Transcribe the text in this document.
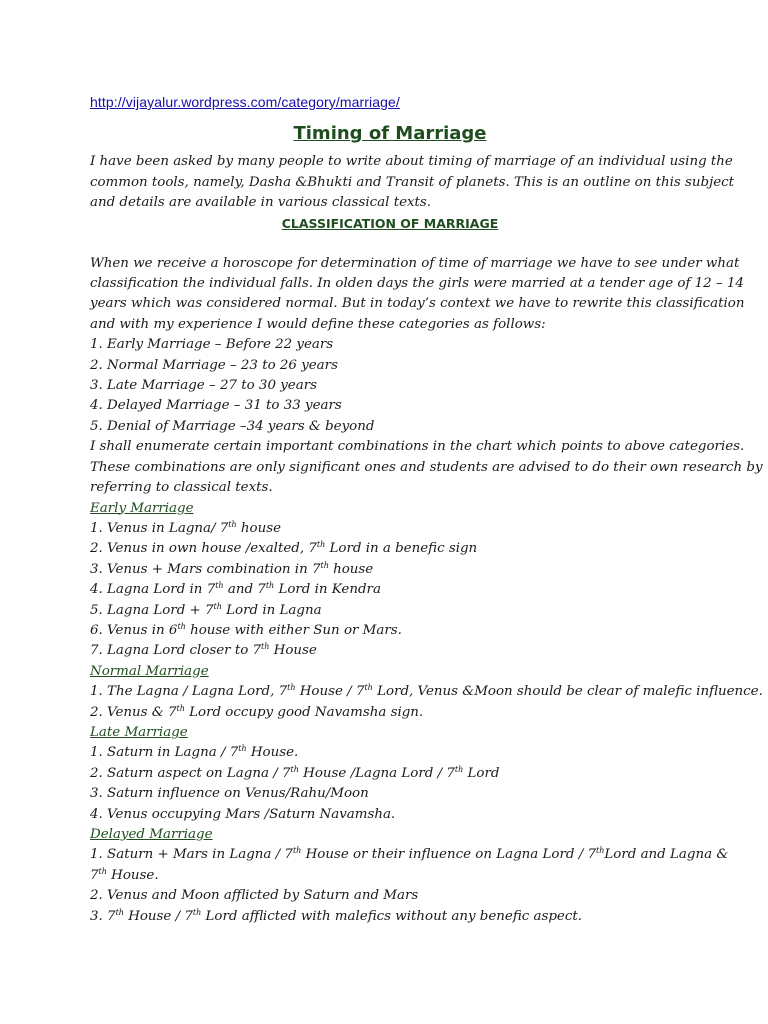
http://vijayalur.wordpress.com/category/marriage/
Timing of Marriage
I have been asked by many people to write about timing of marriage of an individual using the
common tools, namely, Dasha &Bhukti and Transit of planets. This is an outline on this subject
and details are available in various classical texts.
CLASSIFICATION OF MARRIAGE
When we receive a horoscope for determination of time of marriage we have to see under what
classification the individual falls. In olden days the girls were married at a tender age of 12 – 14
years which was considered normal. But in today’s context we have to rewrite this classification
and with my experience I would define these categories as follows:
1. Early Marriage – Before 22 years
2. Normal Marriage – 23 to 26 years
3. Late Marriage – 27 to 30 years
4. Delayed Marriage – 31 to 33 years
5. Denial of Marriage –34 years & beyond
I shall enumerate certain important combinations in the chart which points to above categories.
These combinations are only significant ones and students are advised to do their own research by
referring to classical texts.
Early Marriage
1. Venus in Lagna/ 7th house
2. Venus in own house /exalted, 7th Lord in a benefic sign
3. Venus + Mars combination in 7th house
4. Lagna Lord in 7th and 7th Lord in Kendra
5. Lagna Lord + 7th Lord in Lagna
6. Venus in 6th house with either Sun or Mars.
7. Lagna Lord closer to 7th House
Normal Marriage
1. The Lagna / Lagna Lord, 7th House / 7th Lord, Venus &Moon should be clear of malefic influence.
2. Venus & 7th Lord occupy good Navamsha sign.
Late Marriage
1. Saturn in Lagna / 7th House.
2. Saturn aspect on Lagna / 7th House /Lagna Lord / 7th Lord
3. Saturn influence on Venus/Rahu/Moon
4. Venus occupying Mars /Saturn Navamsha.
Delayed Marriage
1. Saturn + Mars in Lagna / 7th House or their influence on Lagna Lord / 7thLord and Lagna &
7th House.
2. Venus and Moon afflicted by Saturn and Mars
3. 7th House / 7th Lord afflicted with malefics without any benefic aspect.
